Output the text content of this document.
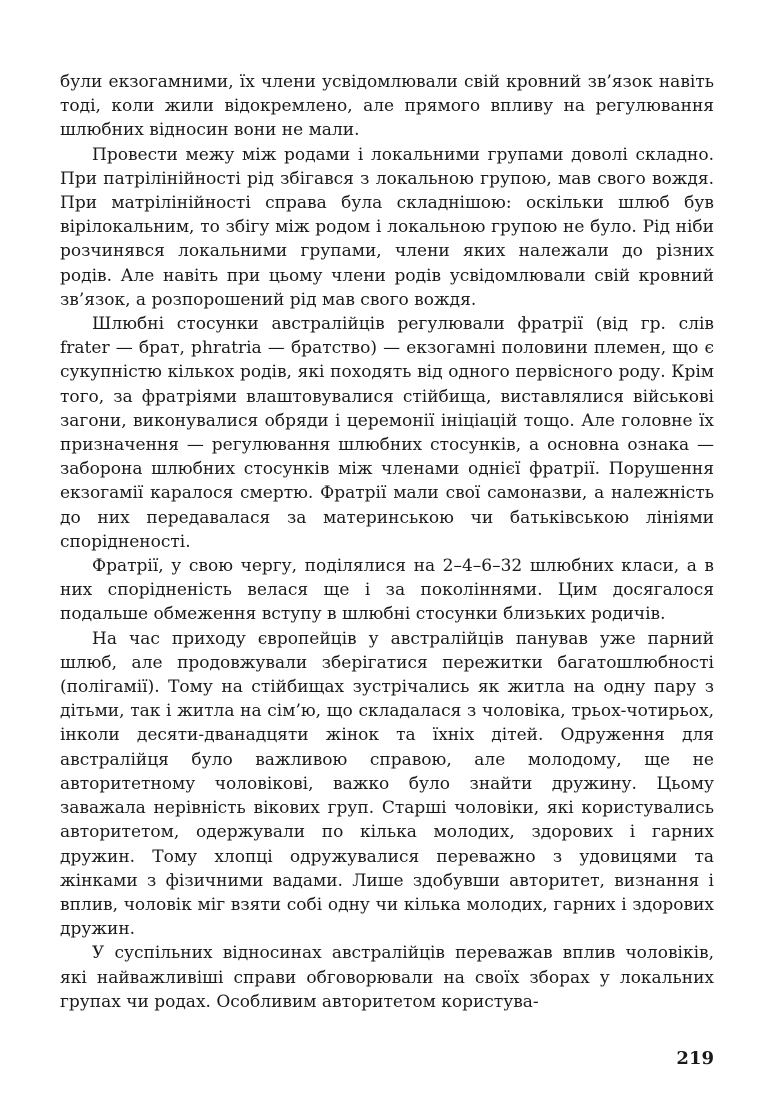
були екзогамними, їх члени усвідомлювали свій кровний зв’язок навіть тоді, коли жили відокремлено, але прямого впливу на регулювання шлюбних відносин вони не мали.

Провести межу між родами і локальними групами доволі складно. При патрілінійності рід збігався з локальною групою, мав свого вождя. При матрілінійності справа була складнішою: оскільки шлюб був вірілокальним, то збігу між родом і локальною групою не було. Рід ніби розчинявся локальними групами, члени яких належали до різних родів. Але навіть при цьому члени родів усвідомлювали свій кровний зв’язок, а розпорошений рід мав свого вождя.

Шлюбні стосунки австралійців регулювали фратрії (від гр. слів frater — брат, phratria — братство) — екзогамні половини племен, що є сукупністю кількох родів, які походять від одного первісного роду. Крім того, за фратріями влаштовувалися стійбища, виставлялися військові загони, виконувалися обряди і церемонії ініціацій тощо. Але головне їх призначення — регулювання шлюбних стосунків, а основна ознака — заборона шлюбних стосунків між членами однієї фратрії. Порушення екзогамії каралося смертю. Фратрії мали свої самоназви, а належність до них передавалася за материнською чи батьківською лініями спорідненості.

Фратрії, у свою чергу, поділялися на 2–4–6–32 шлюбних класи, а в них спорідненість велася ще і за поколіннями. Цим досягалося подальше обмеження вступу в шлюбні стосунки близьких родичів.

На час приходу європейців у австралійців панував уже парний шлюб, але продовжували зберігатися пережитки багатошлюбності (полігамії). Тому на стійбищах зустрічались як житла на одну пару з дітьми, так і житла на сім’ю, що складалася з чоловіка, трьох-чотирьох, інколи десяти-дванадцяти жінок та їхніх дітей. Одруження для австралійця було важливою справою, але молодому, ще не авторитетному чоловікові, важко було знайти дружину. Цьому заважала нерівність вікових груп. Старші чоловіки, які користувались авторитетом, одержували по кілька молодих, здорових і гарних дружин. Тому хлопці одружувалися переважно з удовицями та жінками з фізичними вадами. Лише здобувши авторитет, визнання і вплив, чоловік міг взяти собі одну чи кілька молодих, гарних і здорових дружин.

У суспільних відносинах австралійців переважав вплив чоловіків, які найважливіші справи обговорювали на своїх зборах у локальних групах чи родах. Особливим авторитетом користува-

219
